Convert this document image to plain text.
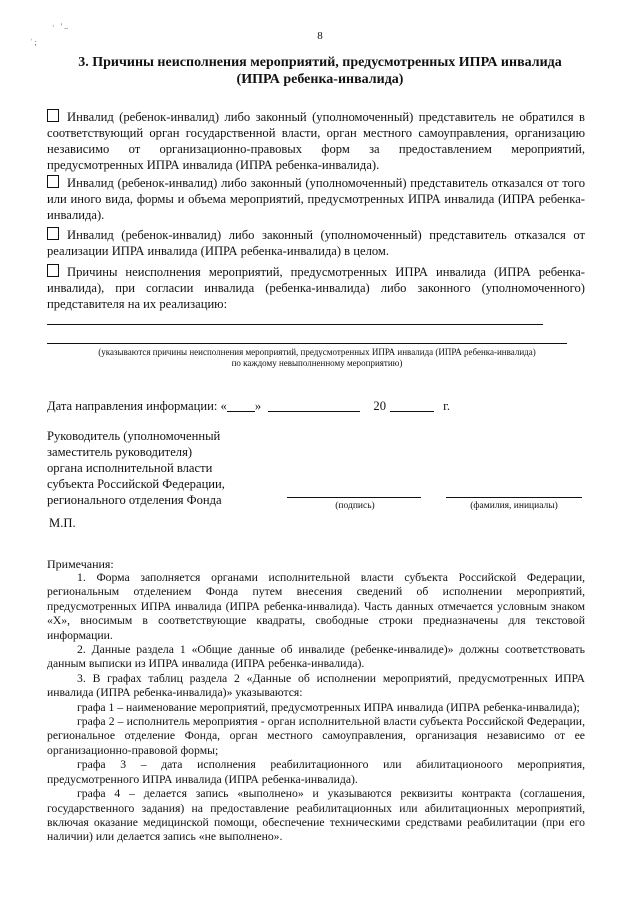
·   ' ..
ʾ ;
8
3. Причины неисполнения мероприятий, предусмотренных ИПРА инвалида
(ИПРА ребенка-инвалида)
Инвалид (ребенок-инвалид) либо законный (уполномоченный) представитель не обратился в соответствующий орган государственной власти, орган местного самоуправления, организацию независимо от организационно-правовых форм за предоставлением мероприятий, предусмотренных ИПРА инвалида (ИПРА ребенка-инвалида).
Инвалид (ребенок-инвалид) либо законный (уполномоченный) представитель отказался от того или иного вида, формы и объема мероприятий, предусмотренных ИПРА инвалида (ИПРА ребенка-инвалида).
Инвалид (ребенок-инвалид) либо законный (уполномоченный) представитель отказался от реализации ИПРА инвалида (ИПРА ребенка-инвалида) в целом.
Причины неисполнения мероприятий, предусмотренных ИПРА инвалида (ИПРА ребенка-инвалида), при согласии инвалида (ребенка-инвалида) либо законного (уполномоченного) представителя на их реализацию:
(указываются причины неисполнения мероприятий, предусмотренных ИПРА инвалида (ИПРА ребенка-инвалида)
по каждому невыполненному мероприятию)
Дата направления информации: « »	20	г.
Руководитель (уполномоченный
заместитель руководителя)
органа исполнительной власти
субъекта Российской Федерации,
регионального отделения Фонда	(подпись)	(фамилия, инициалы)
М.П.
Примечания:

1. Форма заполняется органами исполнительной власти субъекта Российской Федерации, региональным отделением Фонда путем внесения сведений об исполнении мероприятий, предусмотренных ИПРА инвалида (ИПРА ребенка-инвалида). Часть данных отмечается условным знаком «Х», вносимым в соответствующие квадраты, свободные строки предназначены для текстовой информации.

2. Данные раздела 1 «Общие данные об инвалиде (ребенке-инвалиде)» должны соответствовать данным выписки из ИПРА инвалида (ИПРА ребенка-инвалида).

3. В графах таблиц раздела 2 «Данные об исполнении мероприятий, предусмотренных ИПРА инвалида (ИПРА ребенка-инвалида)» указываются:

графа 1 – наименование мероприятий, предусмотренных ИПРА инвалида (ИПРА ребенка-инвалида);

графа 2 – исполнитель мероприятия - орган исполнительной власти субъекта Российской Федерации, региональное отделение Фонда, орган местного самоуправления, организация независимо от ее организационно-правовой формы;

графа 3 – дата исполнения реабилитационного или абилитационоого мероприятия, предусмотренного ИПРА инвалида (ИПРА ребенка-инвалида).

графа 4 – делается запись «выполнено» и указываются реквизиты контракта (соглашения, государственного задания) на предоставление реабилитационных или абилитационных мероприятий, включая оказание медицинской помощи, обеспечение техническими средствами реабилитации (при его наличии) или делается запись «не выполнено».
